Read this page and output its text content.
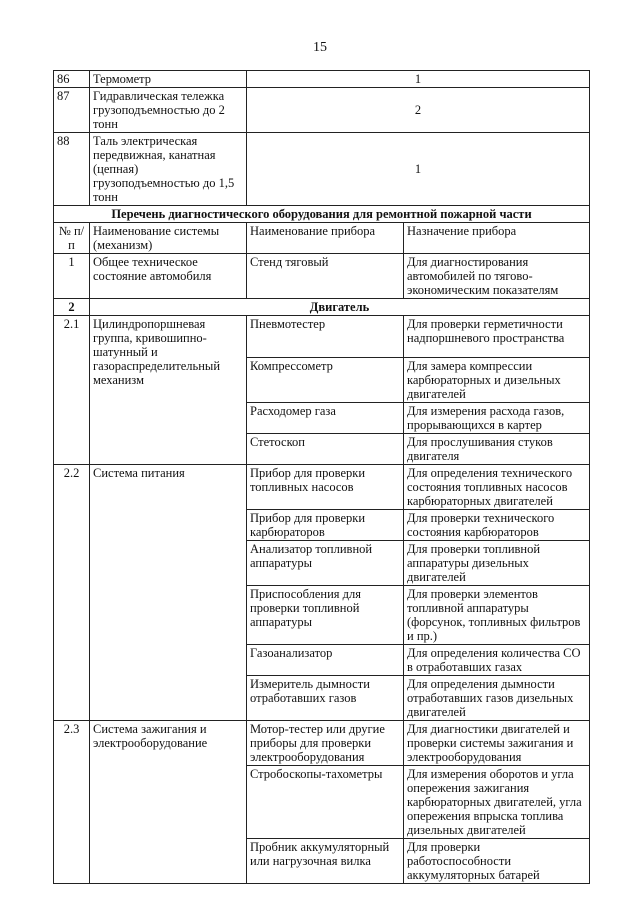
15
86	Термометр	1	
87	Гидравлическая тележка грузоподъемностью до 2 тонн	2	
88	Таль электрическая передвижная, канатная (цепная) грузоподъемностью до 1,5 тонн	1	
Перечень диагностического оборудования для ремонтной пожарной части			
№ п/п	Наименование системы (механизм)	Наименование прибора	Назначение прибора
1	Общее техническое состояние автомобиля	Стенд тяговый	Для диагностирования автомобилей по тягово-экономическим показателям
2	Двигатель		
2.1	Цилиндропоршневая группа, кривошипно-шатунный и газораспределительный механизм	Пневмотестер	Для проверки герметичности надпоршневого пространства
		Компрессометр	Для замера компрессии карбюраторных и дизельных двигателей
		Расходомер газа	Для измерения расхода газов, прорывающихся в картер
		Стетоскоп	Для прослушивания стуков двигателя
2.2	Система питания	Прибор для проверки топливных насосов	Для определения технического состояния топливных насосов карбюраторных двигателей
		Прибор для проверки карбюраторов	Для проверки технического состояния карбюраторов
		Анализатор топливной аппаратуры	Для проверки топливной аппаратуры дизельных двигателей
		Приспособления для проверки топливной аппаратуры	Для проверки элементов топливной аппаратуры (форсунок, топливных фильтров и пр.)
		Газоанализатор	Для определения количества СО в отработавших газах
		Измеритель дымности отработавших газов	Для определения дымности отработавших газов дизельных двигателей
2.3	Система зажигания и электрооборудование	Мотор-тестер или другие приборы для проверки электрооборудования	Для диагностики двигателей и проверки системы зажигания и электрооборудования
		Стробоскопы-тахометры	Для измерения оборотов и угла опережения зажигания карбюраторных двигателей, угла опережения впрыска топлива дизельных двигателей
		Пробник аккумуляторный или нагрузочная вилка	Для проверки работоспособности аккумуляторных батарей
